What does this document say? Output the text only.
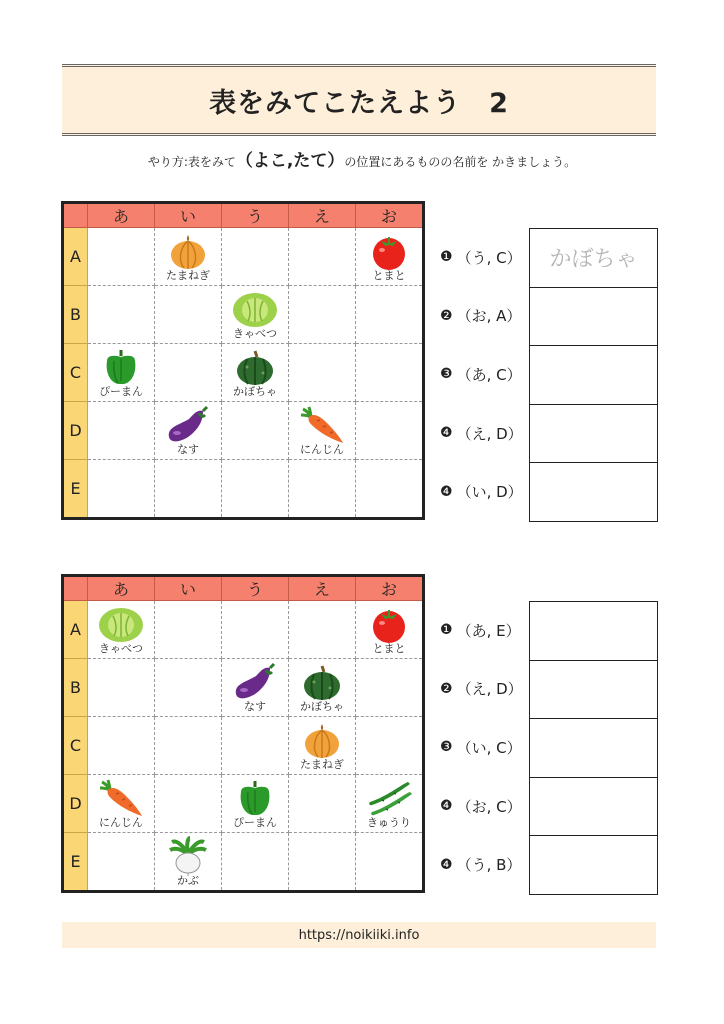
表をみてこたえよう　2
やり方:表をみて（よこ,たて）の位置にあるものの名前を かきましょう。
	あ	い	う	え	お
A		たまねぎ			とまと

B			きゃべつ		

C	ぴーまん		かぼちゃ		

D		なす		にんじん	

E					
❶ （う, C）
❷ （お, A）
❸ （あ, C）
❹ （え, D）
❹ （い, D）
かぼちゃ
	あ	い	う	え	お
A	きゃべつ				とまと

B			なす	かぼちゃ	

C				たまねぎ	

D	にんじん		ぴーまん		きゅうり

E		かぶ			

❶ （あ, E）
❷ （え, D）
❸ （い, C）
❹ （お, C）
❹ （う, B）
https://noikiiki.info
